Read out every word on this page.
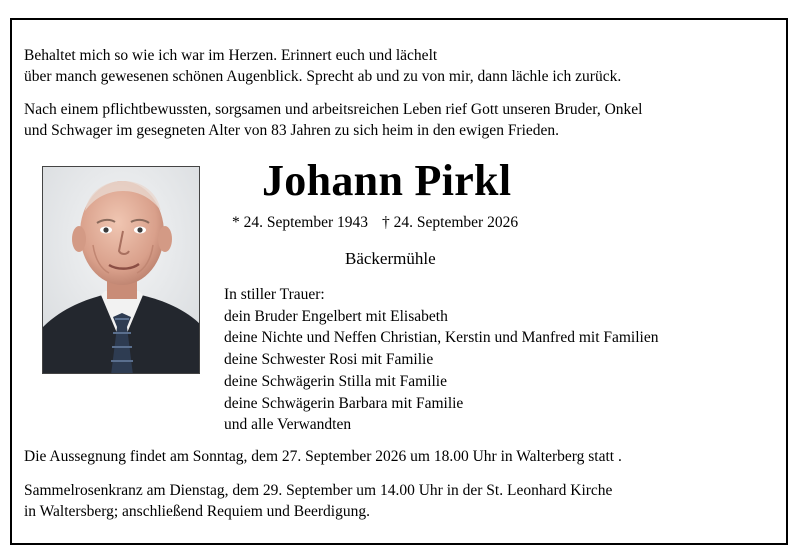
Behaltet mich so wie ich war im Herzen. Erinnert euch und lächelt
über manch gewesenen schönen Augenblick. Sprecht ab und zu von mir, dann lächle ich zurück.
Nach einem pflichtbewussten, sorgsamen und arbeitsreichen Leben rief Gott unseren Bruder, Onkel
und Schwager im gesegneten Alter von 83 Jahren zu sich heim in den ewigen Frieden.
Johann Pirkl
* 24. September 1943 † 24. September 2026
Bäckermühle
In stiller Trauer:
dein Bruder Engelbert mit Elisabeth
deine Nichte und Neffen Christian, Kerstin und Manfred mit Familien
deine Schwester Rosi mit Familie
deine Schwägerin Stilla mit Familie
deine Schwägerin Barbara mit Familie
und alle Verwandten
Die Aussegnung findet am Sonntag, dem 27. September 2026 um 18.00 Uhr in Walterberg statt .
Sammelrosenkranz am Dienstag, dem 29. September um 14.00 Uhr in der St. Leonhard Kirche
in Waltersberg; anschließend Requiem und Beerdigung.
